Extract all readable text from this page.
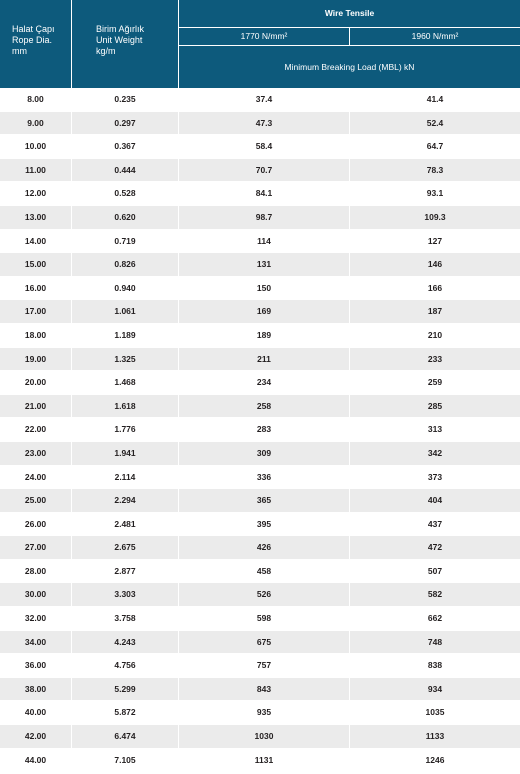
Halat Çapı
Rope Dia.
mm
Birim Ağırlık
Unit Weight
kg/m
Wire Tensile
1770 N/mm²	1960 N/mm²
Minimum Breaking Load (MBL) kN
8.00	0.235	37.4	41.4
9.00	0.297	47.3	52.4
10.00	0.367	58.4	64.7
11.00	0.444	70.7	78.3
12.00	0.528	84.1	93.1
13.00	0.620	98.7	109.3
14.00	0.719	114	127
15.00	0.826	131	146
16.00	0.940	150	166
17.00	1.061	169	187
18.00	1.189	189	210
19.00	1.325	211	233
20.00	1.468	234	259
21.00	1.618	258	285
22.00	1.776	283	313
23.00	1.941	309	342
24.00	2.114	336	373
25.00	2.294	365	404
26.00	2.481	395	437
27.00	2.675	426	472
28.00	2.877	458	507
30.00	3.303	526	582
32.00	3.758	598	662
34.00	4.243	675	748
36.00	4.756	757	838
38.00	5.299	843	934
40.00	5.872	935	1035
42.00	6.474	1030	1133
44.00	7.105	1131	1246
